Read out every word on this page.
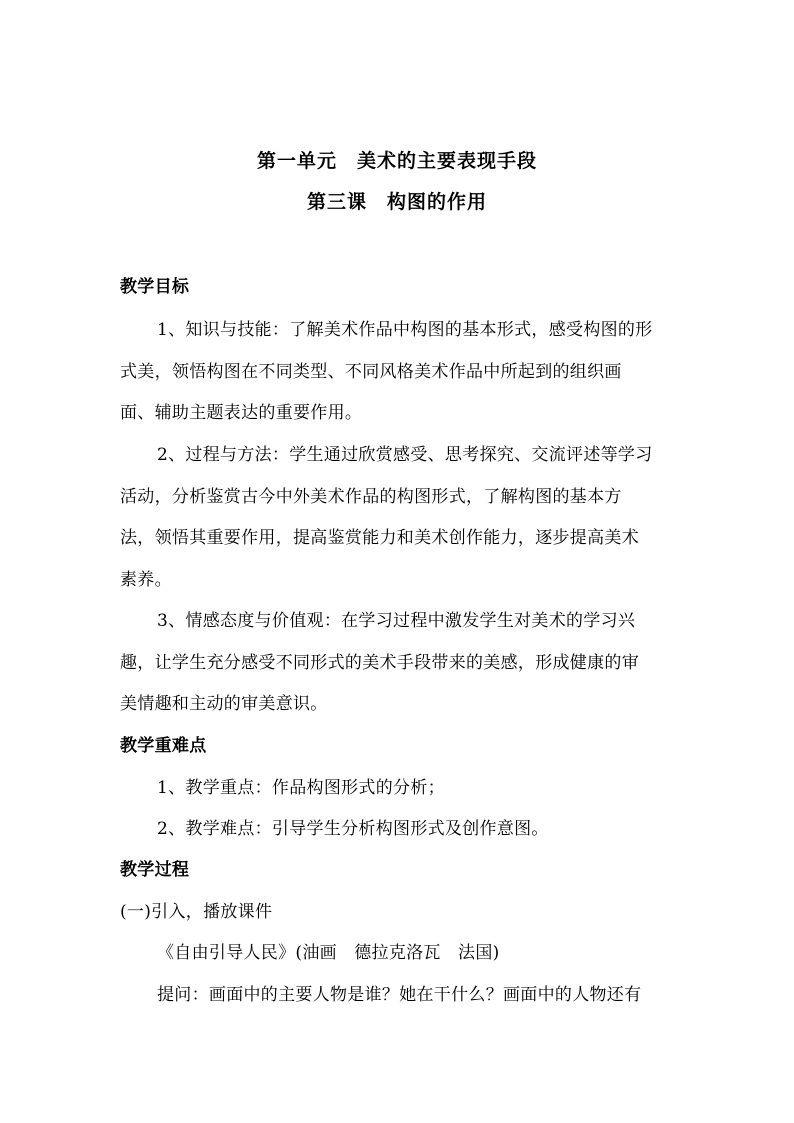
第一单元　美术的主要表现手段
第三课　构图的作用
教学目标
1、知识与技能：了解美术作品中构图的基本形式，感受构图的形
式美，领悟构图在不同类型、不同风格美术作品中所起到的组织画
面、辅助主题表达的重要作用。
2、过程与方法：学生通过欣赏感受、思考探究、交流评述等学习
活动，分析鉴赏古今中外美术作品的构图形式，了解构图的基本方
法，领悟其重要作用，提高鉴赏能力和美术创作能力，逐步提高美术
素养。
3、情感态度与价值观：在学习过程中激发学生对美术的学习兴
趣，让学生充分感受不同形式的美术手段带来的美感，形成健康的审
美情趣和主动的审美意识。
教学重难点
1、教学重点：作品构图形式的分析；
2、教学难点：引导学生分析构图形式及创作意图。
教学过程
(一)引入，播放课件
《自由引导人民》(油画　德拉克洛瓦　法国)
提问：画面中的主要人物是谁？她在干什么？画面中的人物还有
